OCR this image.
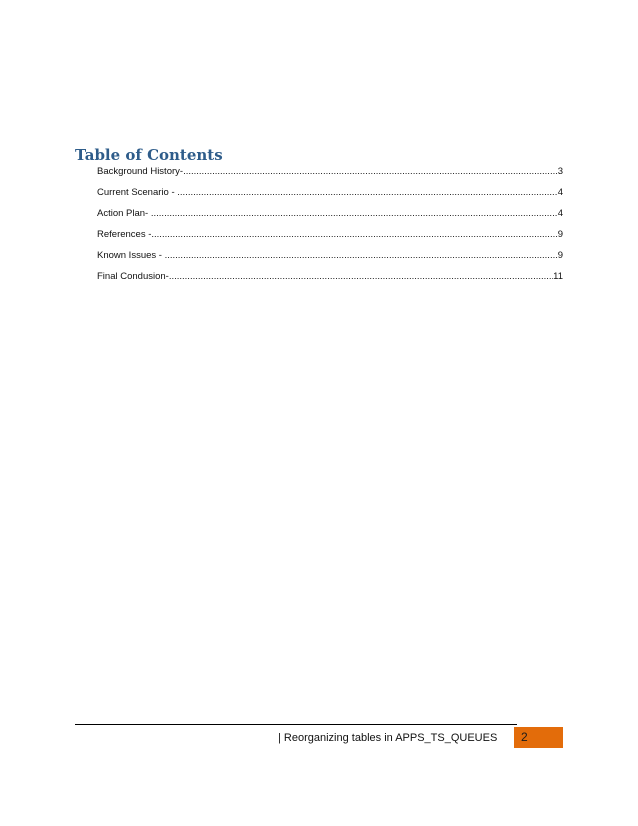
Table of Contents
Background History- .....	3
Current Scenario - .....	4
Action Plan- .....	4
References - .....	9
Known Issues - .....	9
Final Condusion- .....	11
| Reorganizing tables in APPS_TS_QUEUES 2
